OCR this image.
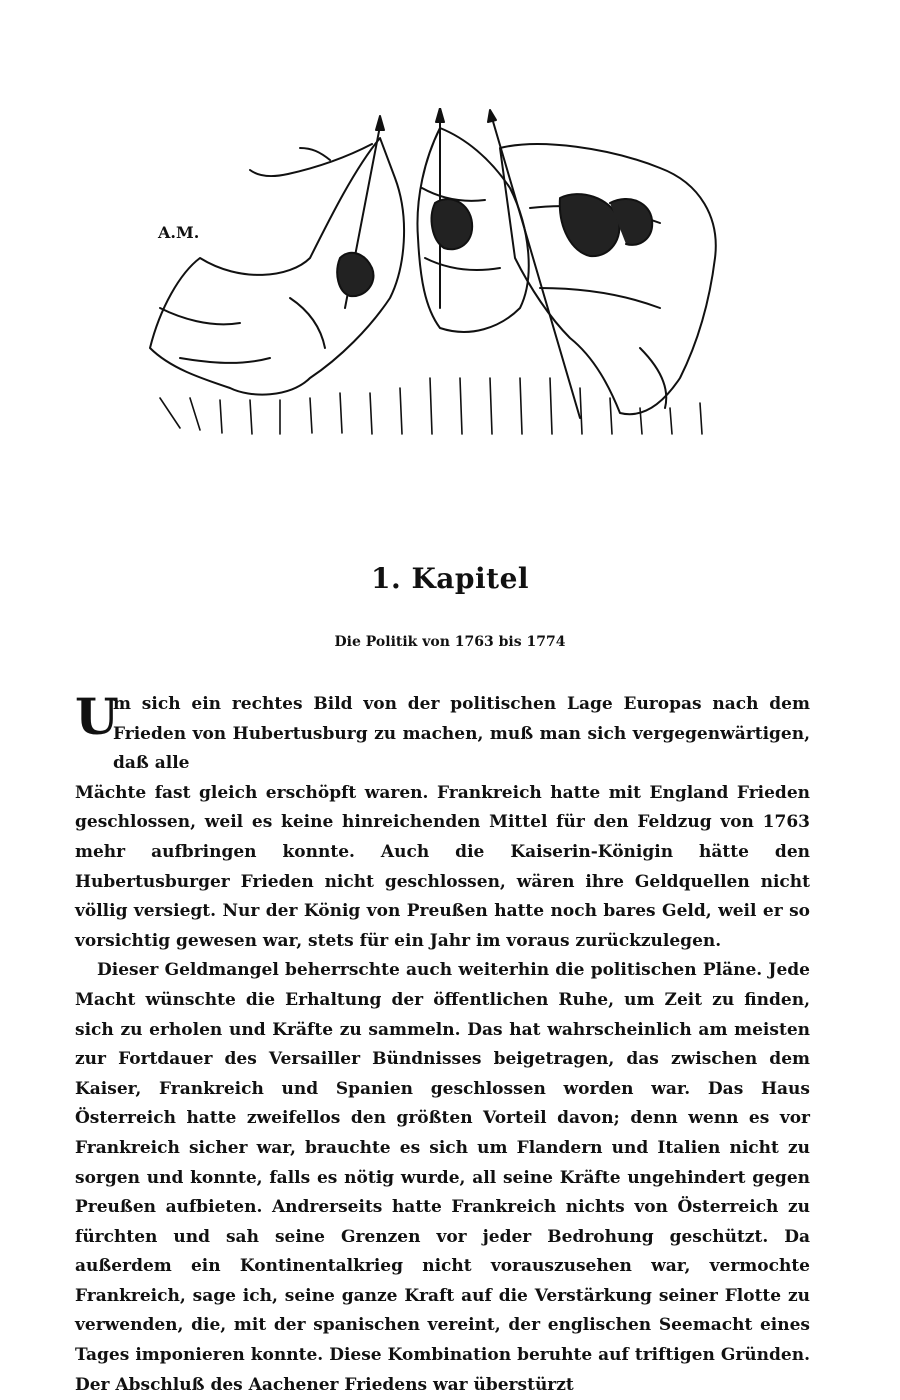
A.M.
1. Kapitel
Die Politik von 1763 bis 1774

U
m sich ein rechtes Bild von der politischen Lage Europas nach dem Frieden von Hubertusburg zu machen, muß man sich vergegenwärtigen, daß alle
Mächte fast gleich erschöpft waren. Frankreich hatte mit England Frieden geschlossen, weil es keine hinreichenden Mittel für den Feldzug von 1763 mehr aufbringen konnte. Auch die Kaiserin-Königin hätte den Hubertusburger Frieden nicht geschlossen, wären ihre Geldquellen nicht völlig versiegt. Nur der König von Preußen hatte noch bares Geld, weil er so vorsichtig gewesen war, stets für ein Jahr im voraus zurückzulegen.

Dieser Geldmangel beherrschte auch weiterhin die politischen Pläne. Jede Macht wünschte die Erhaltung der öffentlichen Ruhe, um Zeit zu finden, sich zu erholen und Kräfte zu sammeln. Das hat wahrscheinlich am meisten zur Fortdauer des Versailler Bündnisses beigetragen, das zwischen dem Kaiser, Frankreich und Spanien geschlossen worden war. Das Haus Österreich hatte zweifellos den größten Vorteil davon; denn wenn es vor Frankreich sicher war, brauchte es sich um Flandern und Italien nicht zu sorgen und konnte, falls es nötig wurde, all seine Kräfte ungehindert gegen Preußen aufbieten. Andrerseits hatte Frankreich nichts von Österreich zu fürchten und sah seine Grenzen vor jeder Bedrohung geschützt. Da außerdem ein Kontinentalkrieg nicht vorauszusehen war, vermochte Frankreich, sage ich, seine ganze Kraft auf die Verstärkung seiner Flotte zu verwenden, die, mit der spanischen vereint, der englischen Seemacht eines Tages imponieren konnte. Diese Kombination beruhte auf triftigen Gründen. Der Abschluß des Aachener Friedens war überstürzt
